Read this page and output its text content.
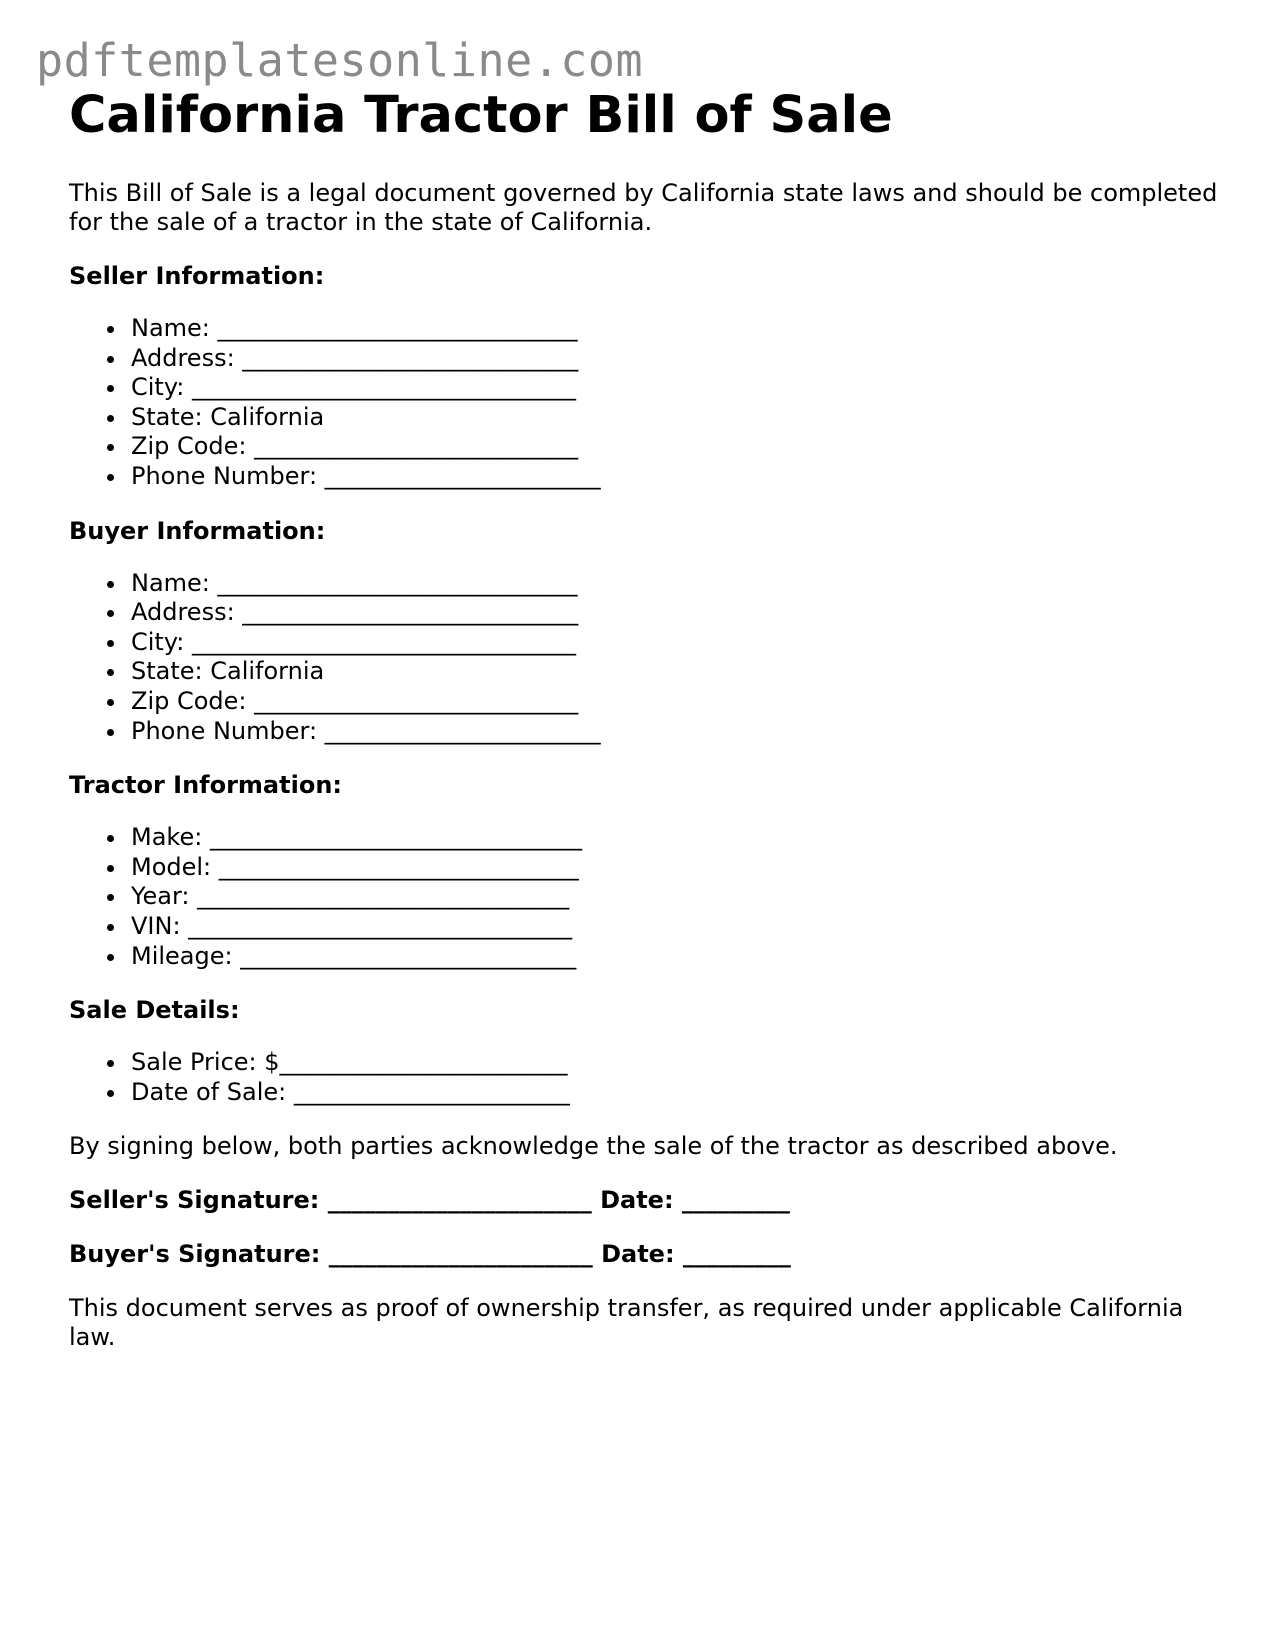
pdftemplatesonline.com
California Tractor Bill of Sale

This Bill of Sale is a legal document governed by California state laws and should be completed for the sale of a tractor in the state of California.

Seller Information:
Name: ______________________________
Address: ____________________________
City: ________________________________
State: California
Zip Code: ___________________________
Phone Number: _______________________
Buyer Information:
Name: ______________________________
Address: ____________________________
City: ________________________________
State: California
Zip Code: ___________________________
Phone Number: _______________________
Tractor Information:
Make: _______________________________
Model: ______________________________
Year: _______________________________
VIN: ________________________________
Mileage: ____________________________
Sale Details:
Sale Price: $________________________
Date of Sale: _______________________

By signing below, both parties acknowledge the sale of the tractor as described above.

Seller's Signature: ______________________ Date: _________
Buyer's Signature: ______________________ Date: _________

This document serves as proof of ownership transfer, as required under applicable California law.
